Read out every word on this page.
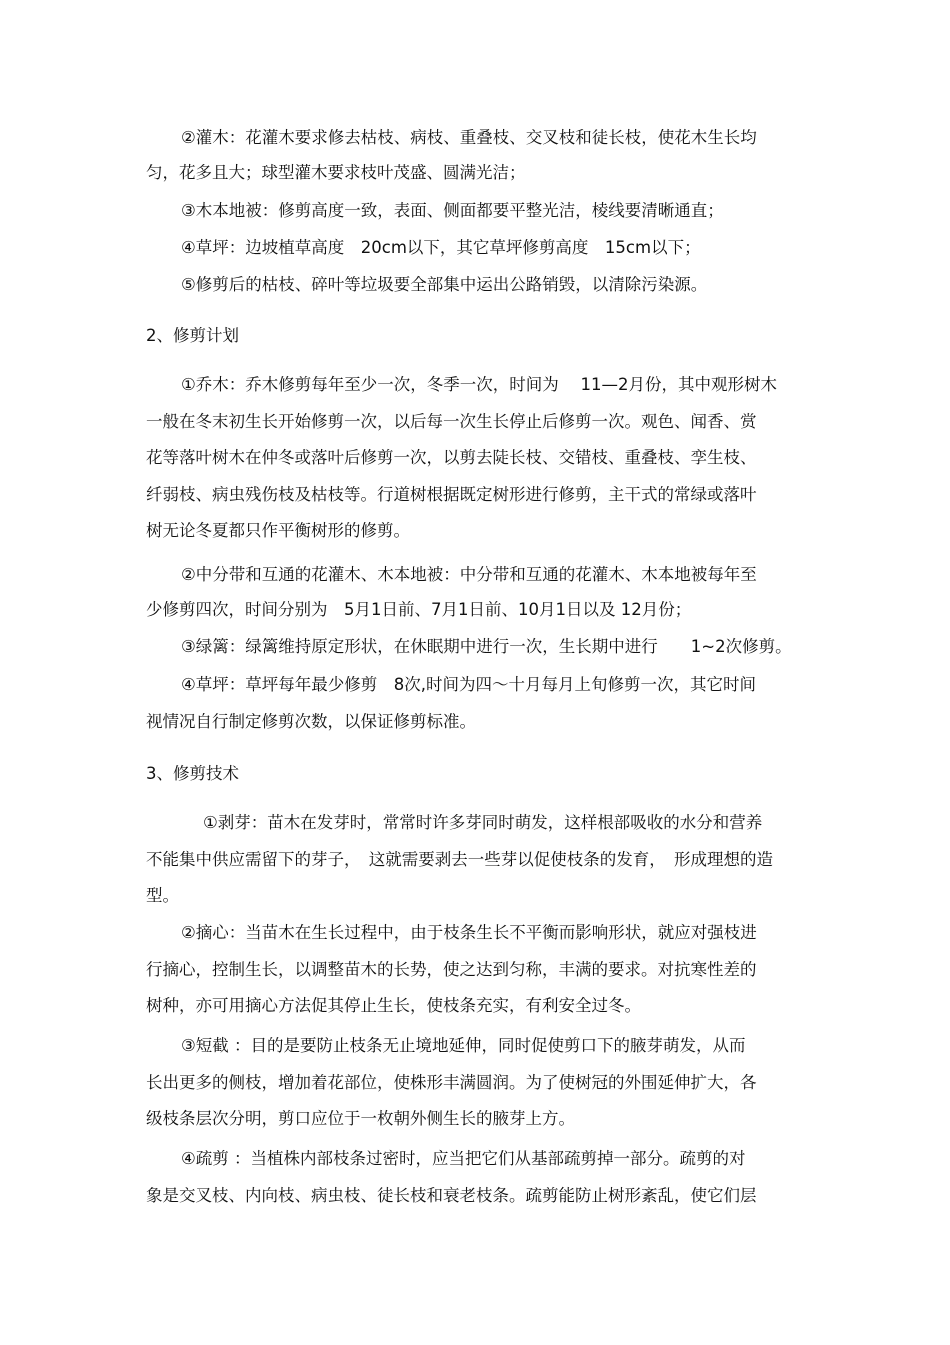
②灌木：花灌木要求修去枯枝、病枝、重叠枝、交叉枝和徒长枝，使花木生长均

匀，花多且大；球型灌木要求枝叶茂盛、圆满光洁；

③木本地被：修剪高度一致，表面、侧面都要平整光洁，棱线要清晰通直；

④草坪：边坡植草高度　20cm以下，其它草坪修剪高度　15cm以下；

⑤修剪后的枯枝、碎叶等垃圾要全部集中运出公路销毁，以清除污染源。

2、修剪计划

①乔木：乔木修剪每年至少一次，冬季一次，时间为　 11—2月份，其中观形树木

一般在冬末初生长开始修剪一次，以后每一次生长停止后修剪一次。观色、闻香、赏

花等落叶树木在仲冬或落叶后修剪一次，以剪去陡长枝、交错枝、重叠枝、孪生枝、

纤弱枝、病虫残伤枝及枯枝等。行道树根据既定树形进行修剪，主干式的常绿或落叶

树无论冬夏都只作平衡树形的修剪。

②中分带和互通的花灌木、木本地被：中分带和互通的花灌木、木本地被每年至

少修剪四次，时间分别为　5月1日前、7月1日前、10月1日以及 12月份；

③绿篱：绿篱维持原定形状，在休眠期中进行一次，生长期中进行　　1~2次修剪。

④草坪：草坪每年最少修剪　8次,时间为四～十月每月上旬修剪一次，其它时间

视情况自行制定修剪次数，以保证修剪标准。

3、修剪技术

①剥芽：苗木在发芽时，常常时许多芽同时萌发，这样根部吸收的水分和营养

不能集中供应需留下的芽子，　这就需要剥去一些芽以促使枝条的发育，　形成理想的造

型。

②摘心：当苗木在生长过程中，由于枝条生长不平衡而影响形状，就应对强枝进

行摘心，控制生长，以调整苗木的长势，使之达到匀称，丰满的要求。对抗寒性差的

树种，亦可用摘心方法促其停止生长，使枝条充实，有利安全过冬。

③短截 ：目的是要防止枝条无止境地延伸，同时促使剪口下的腋芽萌发，从而

长出更多的侧枝，增加着花部位，使株形丰满圆润。为了使树冠的外围延伸扩大，各

级枝条层次分明，剪口应位于一枚朝外侧生长的腋芽上方。

④疏剪 ：当植株内部枝条过密时，应当把它们从基部疏剪掉一部分。疏剪的对

象是交叉枝、内向枝、病虫枝、徒长枝和衰老枝条。疏剪能防止树形紊乱，使它们层
